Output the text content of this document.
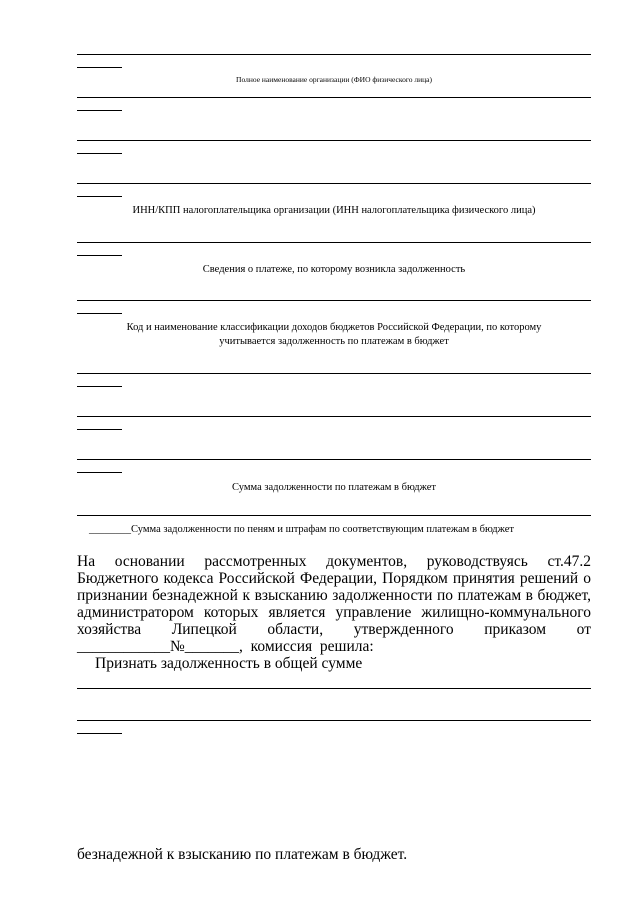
Полное наименование организации (ФИО физического лица)
ИНН/КПП налогоплательщика организации (ИНН налогоплательщика физического лица)
Сведения о платеже, по которому возникла задолженность
Код и наименование классификации доходов бюджетов Российской Федерации, по которому
учитывается задолженность по платежам в бюджет
Сумма задолженности по платежам в бюджет
________Сумма задолженности по пеням и штрафам по соответствующим платежам в бюджет
На основании рассмотренных документов, руководствуясь ст.47.2
Бюджетного кодекса Российской Федерации, Порядком принятия решений о
признании безнадежной к взысканию задолженности по платежам в бюджет,
администратором которых является управление жилищно-коммунального
хозяйства Липецкой области, утвержденного приказом от
____________№_______,  комиссия  решила:
Признать задолженность в общей сумме
безнадежной к взысканию по платежам в бюджет.
